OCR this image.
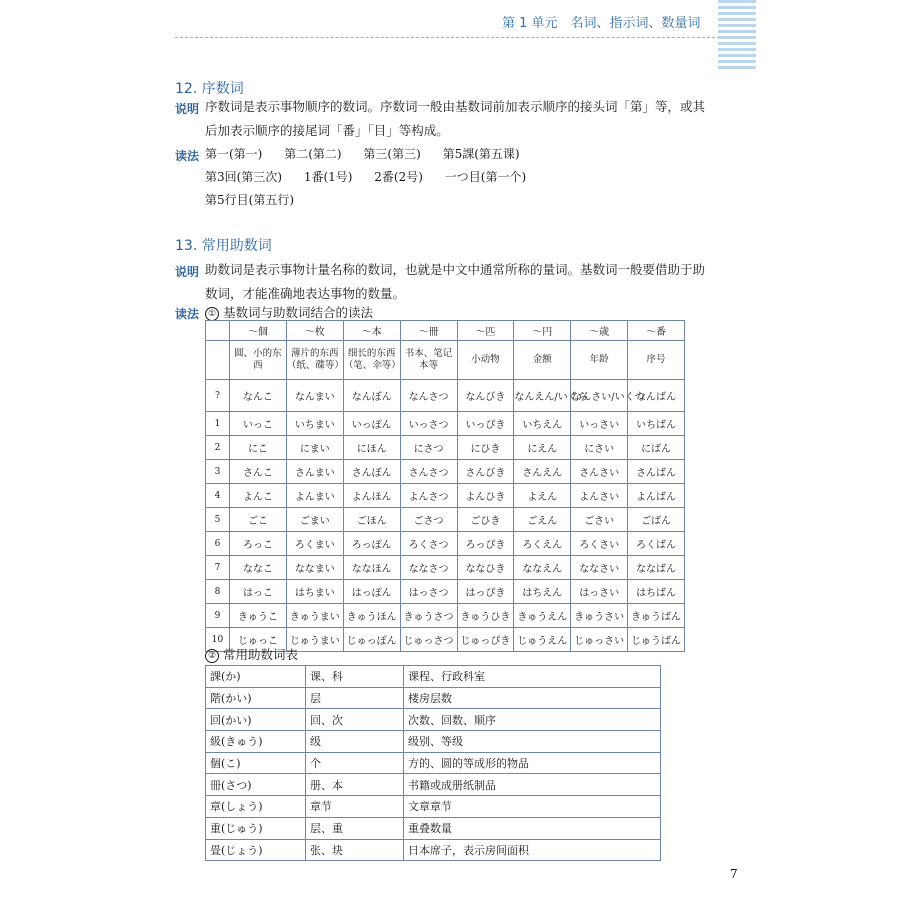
第 1 单元　名词、指示词、数量词
12. 序数词
说明 序数词是表示事物顺序的数词。序数词一般由基数词前加表示顺序的接头词「第」等，或其
后加表示顺序的接尾词「番」「目」等构成。
读法 第一(第一) 第二(第二) 第三(第三) 第5課(第五课)
第3回(第三次) 1番(1号) 2番(2号) 一つ目(第一个)
第5行目(第五行)
13. 常用助数词
说明 助数词是表示事物计量名称的数词，也就是中文中通常所称的量词。基数词一般要借助于助
数词，才能准确地表达事物的数量。
读法 ① 基数词与助数词结合的读法
	～個	～枚	～本	～冊	～匹	～円	～歳	～番
	圆、小的东西	薄片的东西（纸、碟等）	细长的东西（笔、伞等）	书本、笔记本等	小动物	金额	年龄	序号
?	なんこ	なんまい	なんぼん	なんさつ	なんびき	なんえん/いくら	なんさい/いくつ	なんばん
1	いっこ	いちまい	いっぽん	いっさつ	いっぴき	いちえん	いっさい	いちばん
2	にこ	にまい	にほん	にさつ	にひき	にえん	にさい	にばん
3	さんこ	さんまい	さんぼん	さんさつ	さんびき	さんえん	さんさい	さんばん
4	よんこ	よんまい	よんほん	よんさつ	よんひき	よえん	よんさい	よんばん
5	ごこ	ごまい	ごほん	ごさつ	ごひき	ごえん	ごさい	ごばん
6	ろっこ	ろくまい	ろっぽん	ろくさつ	ろっぴき	ろくえん	ろくさい	ろくばん
7	ななこ	ななまい	ななほん	ななさつ	ななひき	ななえん	ななさい	ななばん
8	はっこ	はちまい	はっぽん	はっさつ	はっぴき	はちえん	はっさい	はちばん
9	きゅうこ	きゅうまい	きゅうほん	きゅうさつ	きゅうひき	きゅうえん	きゅうさい	きゅうばん
10	じゅっこ	じゅうまい	じゅっぽん	じゅっさつ	じゅっぴき	じゅうえん	じゅっさい	じゅうばん
② 常用助数词表
課(か)	课、科	课程、行政科室
階(かい)	层	楼房层数
回(かい)	回、次	次数、回数、顺序
級(きゅう)	级	级别、等级
個(こ)	个	方的、圆的等成形的物品
冊(さつ)	册、本	书籍或成册纸制品
章(しょう)	章节	文章章节
重(じゅう)	层、重	重叠数量
畳(じょう)	张、块	日本席子，表示房间面积
7
